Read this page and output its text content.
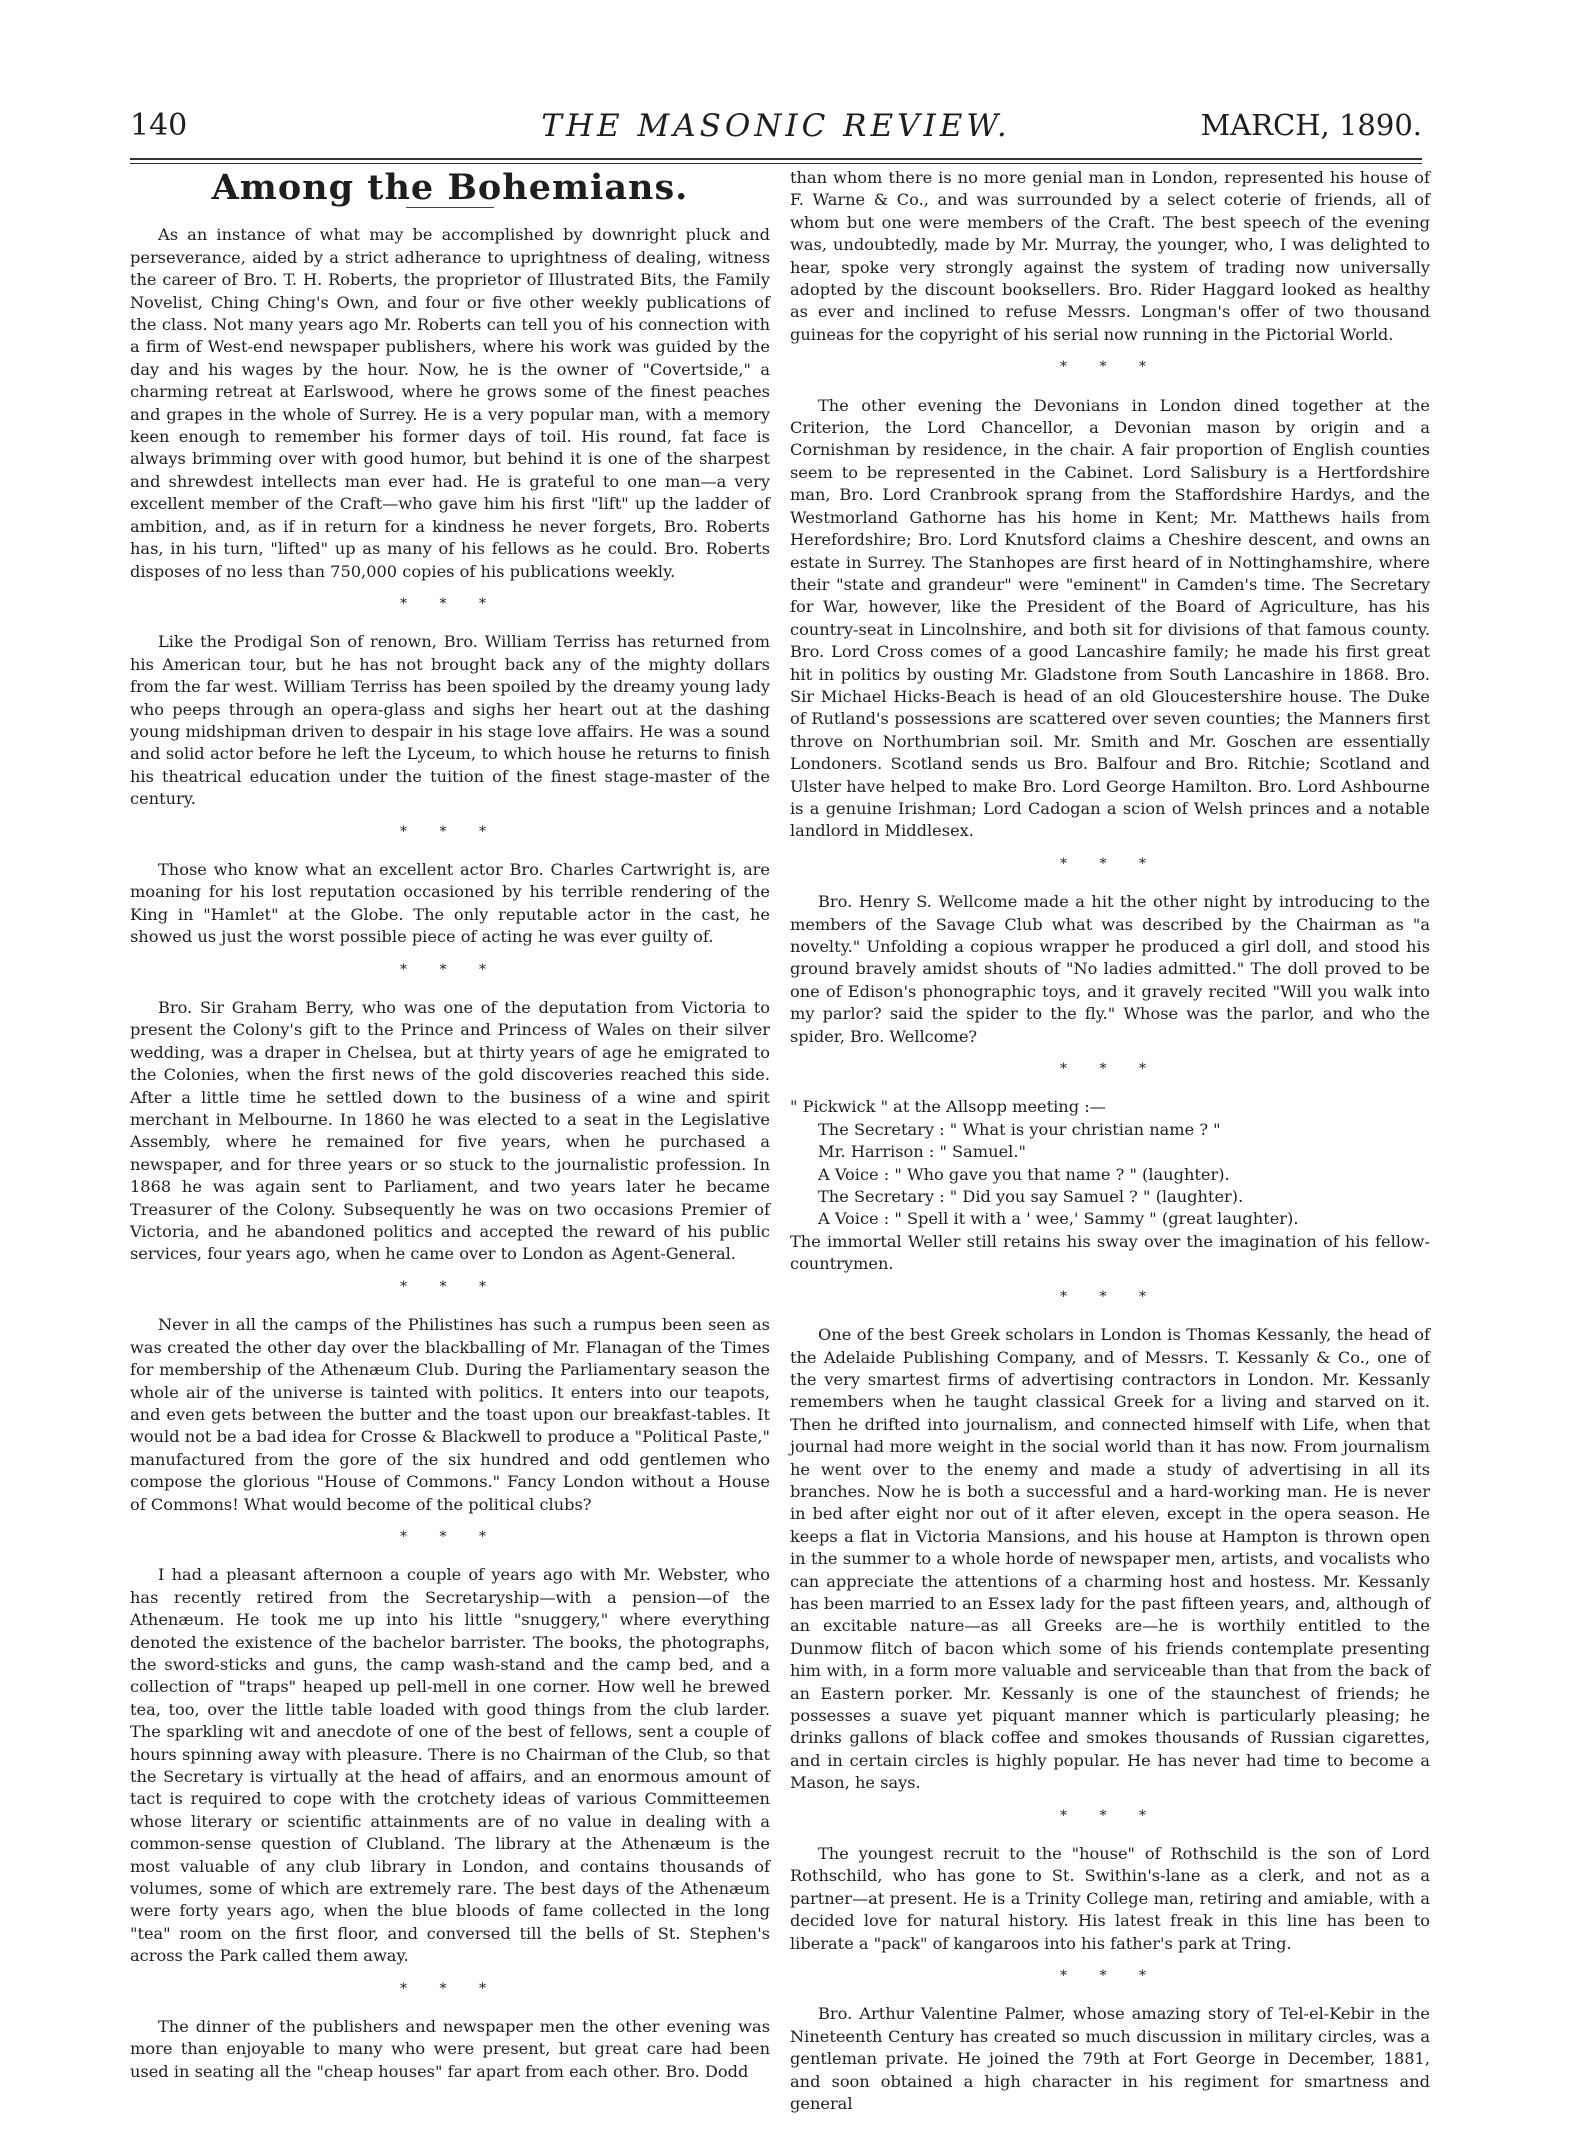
140	THE MASONIC REVIEW.	MARCH, 1890.
Among the Bohemians.

As an instance of what may be accomplished by downright pluck and perseverance, aided by a strict adherance to uprightness of dealing, witness the career of Bro. T. H. Roberts, the proprietor of Illustrated Bits, the Family Novelist, Ching Ching's Own, and four or five other weekly publications of the class. Not many years ago Mr. Roberts can tell you of his connection with a firm of West-end newspaper publishers, where his work was guided by the day and his wages by the hour. Now, he is the owner of "Covertside," a charming retreat at Earlswood, where he grows some of the finest peaches and grapes in the whole of Surrey. He is a very popular man, with a memory keen enough to remember his former days of toil. His round, fat face is always brimming over with good humor, but behind it is one of the sharpest and shrewdest intellects man ever had. He is grateful to one man—a very excellent member of the Craft—who gave him his first "lift" up the ladder of ambition, and, as if in return for a kindness he never forgets, Bro. Roberts has, in his turn, "lifted" up as many of his fellows as he could. Bro. Roberts disposes of no less than 750,000 copies of his publications weekly.

* * *

Like the Prodigal Son of renown, Bro. William Terriss has returned from his American tour, but he has not brought back any of the mighty dollars from the far west. William Terriss has been spoiled by the dreamy young lady who peeps through an opera-glass and sighs her heart out at the dashing young midshipman driven to despair in his stage love affairs. He was a sound and solid actor before he left the Lyceum, to which house he returns to finish his theatrical education under the tuition of the finest stage-master of the century.

* * *

Those who know what an excellent actor Bro. Charles Cartwright is, are moaning for his lost reputation occasioned by his terrible rendering of the King in "Hamlet" at the Globe. The only reputable actor in the cast, he showed us just the worst possible piece of acting he was ever guilty of.

* * *

Bro. Sir Graham Berry, who was one of the deputation from Victoria to present the Colony's gift to the Prince and Princess of Wales on their silver wedding, was a draper in Chelsea, but at thirty years of age he emigrated to the Colonies, when the first news of the gold discoveries reached this side. After a little time he settled down to the business of a wine and spirit merchant in Melbourne. In 1860 he was elected to a seat in the Legislative Assembly, where he remained for five years, when he purchased a newspaper, and for three years or so stuck to the journalistic profession. In 1868 he was again sent to Parliament, and two years later he became Treasurer of the Colony. Subsequently he was on two occasions Premier of Victoria, and he abandoned politics and accepted the reward of his public services, four years ago, when he came over to London as Agent-General.

* * *

Never in all the camps of the Philistines has such a rumpus been seen as was created the other day over the blackballing of Mr. Flanagan of the Times for membership of the Athenæum Club. During the Parliamentary season the whole air of the universe is tainted with politics. It enters into our teapots, and even gets between the butter and the toast upon our breakfast-tables. It would not be a bad idea for Crosse & Blackwell to produce a "Political Paste," manufactured from the gore of the six hundred and odd gentlemen who compose the glorious "House of Commons." Fancy London without a House of Commons! What would become of the political clubs?

* * *

I had a pleasant afternoon a couple of years ago with Mr. Webster, who has recently retired from the Secretaryship—with a pension—of the Athenæum. He took me up into his little "snuggery," where everything denoted the existence of the bachelor barrister. The books, the photographs, the sword-sticks and guns, the camp wash-stand and the camp bed, and a collection of "traps" heaped up pell-mell in one corner. How well he brewed tea, too, over the little table loaded with good things from the club larder. The sparkling wit and anecdote of one of the best of fellows, sent a couple of hours spinning away with pleasure. There is no Chairman of the Club, so that the Secretary is virtually at the head of affairs, and an enormous amount of tact is required to cope with the crotchety ideas of various Committeemen whose literary or scientific attainments are of no value in dealing with a common-sense question of Clubland. The library at the Athenæum is the most valuable of any club library in London, and contains thousands of volumes, some of which are extremely rare. The best days of the Athenæum were forty years ago, when the blue bloods of fame collected in the long "tea" room on the first floor, and conversed till the bells of St. Stephen's across the Park called them away.

* * *

The dinner of the publishers and newspaper men the other evening was more than enjoyable to many who were present, but great care had been used in seating all the "cheap houses" far apart from each other. Bro. Dodd

than whom there is no more genial man in London, represented his house of F. Warne & Co., and was surrounded by a select coterie of friends, all of whom but one were members of the Craft. The best speech of the evening was, undoubtedly, made by Mr. Murray, the younger, who, I was delighted to hear, spoke very strongly against the system of trading now universally adopted by the discount booksellers. Bro. Rider Haggard looked as healthy as ever and inclined to refuse Messrs. Longman's offer of two thousand guineas for the copyright of his serial now running in the Pictorial World.

* * *

The other evening the Devonians in London dined together at the Criterion, the Lord Chancellor, a Devonian mason by origin and a Cornishman by residence, in the chair. A fair proportion of English counties seem to be represented in the Cabinet. Lord Salisbury is a Hertfordshire man, Bro. Lord Cranbrook sprang from the Staffordshire Hardys, and the Westmorland Gathorne has his home in Kent; Mr. Matthews hails from Herefordshire; Bro. Lord Knutsford claims a Cheshire descent, and owns an estate in Surrey. The Stanhopes are first heard of in Nottinghamshire, where their "state and grandeur" were "eminent" in Camden's time. The Secretary for War, however, like the President of the Board of Agriculture, has his country-seat in Lincolnshire, and both sit for divisions of that famous county. Bro. Lord Cross comes of a good Lancashire family; he made his first great hit in politics by ousting Mr. Gladstone from South Lancashire in 1868. Bro. Sir Michael Hicks-Beach is head of an old Gloucestershire house. The Duke of Rutland's possessions are scattered over seven counties; the Manners first throve on Northumbrian soil. Mr. Smith and Mr. Goschen are essentially Londoners. Scotland sends us Bro. Balfour and Bro. Ritchie; Scotland and Ulster have helped to make Bro. Lord George Hamilton. Bro. Lord Ashbourne is a genuine Irishman; Lord Cadogan a scion of Welsh princes and a notable landlord in Middlesex.

* * *

Bro. Henry S. Wellcome made a hit the other night by introducing to the members of the Savage Club what was described by the Chairman as "a novelty." Unfolding a copious wrapper he produced a girl doll, and stood his ground bravely amidst shouts of "No ladies admitted." The doll proved to be one of Edison's phonographic toys, and it gravely recited "Will you walk into my parlor? said the spider to the fly." Whose was the parlor, and who the spider, Bro. Wellcome?

* * *
" Pickwick " at the Allsopp meeting :—
The Secretary : " What is your christian name ? "
Mr. Harrison : " Samuel."
A Voice : " Who gave you that name ? " (laughter).
The Secretary : " Did you say Samuel ? " (laughter).
A Voice : " Spell it with a ' wee,' Sammy " (great laughter).
The immortal Weller still retains his sway over the imagination of his fellow-countrymen.
* * *

One of the best Greek scholars in London is Thomas Kessanly, the head of the Adelaide Publishing Company, and of Messrs. T. Kessanly & Co., one of the very smartest firms of advertising contractors in London. Mr. Kessanly remembers when he taught classical Greek for a living and starved on it. Then he drifted into journalism, and connected himself with Life, when that journal had more weight in the social world than it has now. From journalism he went over to the enemy and made a study of advertising in all its branches. Now he is both a successful and a hard-working man. He is never in bed after eight nor out of it after eleven, except in the opera season. He keeps a flat in Victoria Mansions, and his house at Hampton is thrown open in the summer to a whole horde of newspaper men, artists, and vocalists who can appreciate the attentions of a charming host and hostess. Mr. Kessanly has been married to an Essex lady for the past fifteen years, and, although of an excitable nature—as all Greeks are—he is worthily entitled to the Dunmow flitch of bacon which some of his friends contemplate presenting him with, in a form more valuable and serviceable than that from the back of an Eastern porker. Mr. Kessanly is one of the staunchest of friends; he possesses a suave yet piquant manner which is particularly pleasing; he drinks gallons of black coffee and smokes thousands of Russian cigarettes, and in certain circles is highly popular. He has never had time to become a Mason, he says.

* * *

The youngest recruit to the "house" of Rothschild is the son of Lord Rothschild, who has gone to St. Swithin's-lane as a clerk, and not as a partner—at present. He is a Trinity College man, retiring and amiable, with a decided love for natural history. His latest freak in this line has been to liberate a "pack" of kangaroos into his father's park at Tring.

* * *

Bro. Arthur Valentine Palmer, whose amazing story of Tel-el-Kebir in the Nineteenth Century has created so much discussion in military circles, was a gentleman private. He joined the 79th at Fort George in December, 1881, and soon obtained a high character in his regiment for smartness and general
